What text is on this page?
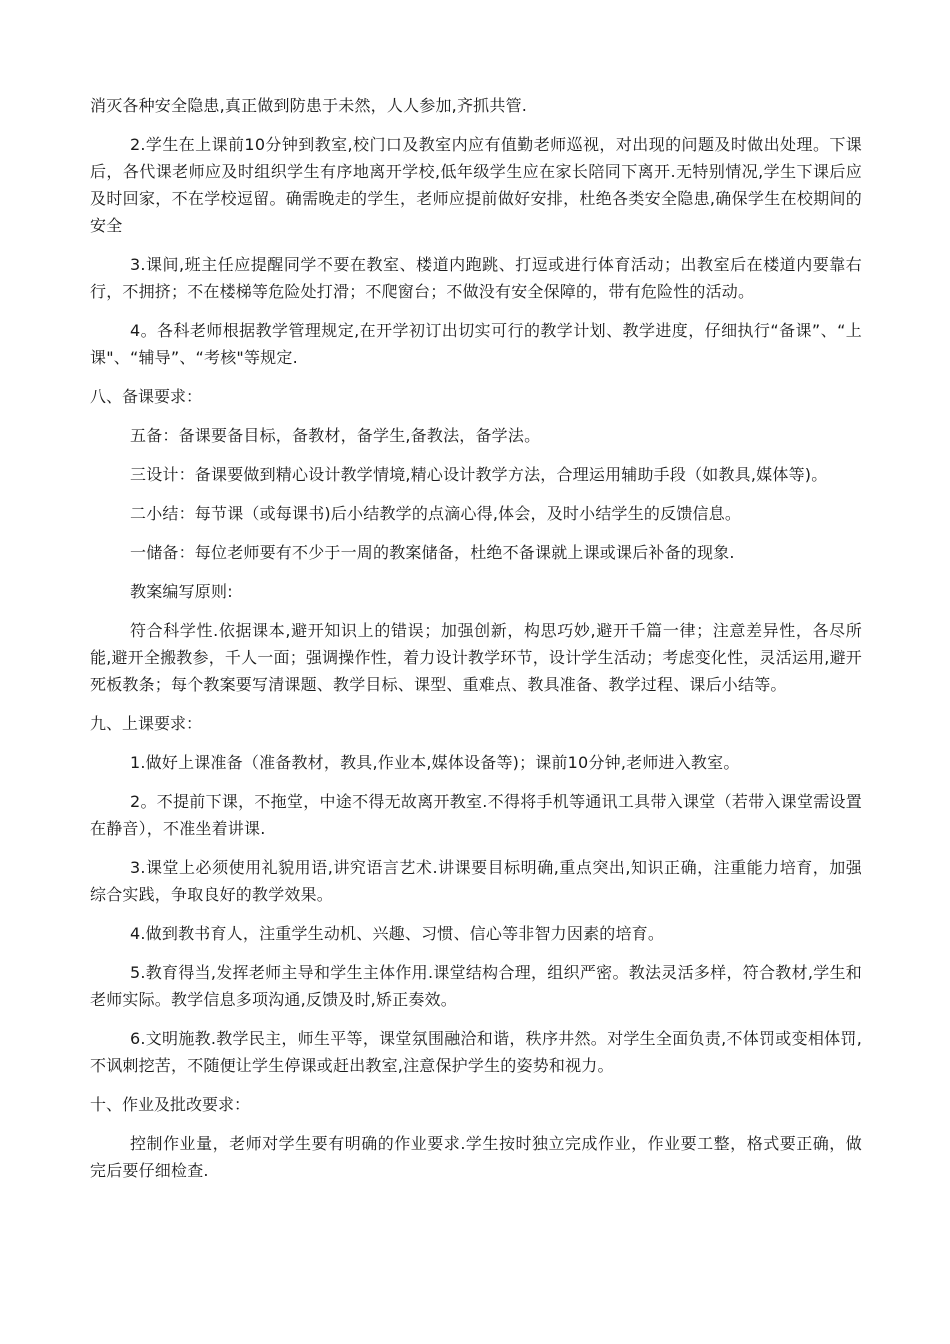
消灭各种安全隐患,真正做到防患于未然，人人参加,齐抓共管.

2.学生在上课前10分钟到教室,校门口及教室内应有值勤老师巡视，对出现的问题及时做出处理。下课后，各代课老师应及时组织学生有序地离开学校,低年级学生应在家长陪同下离开.无特别情况,学生下课后应及时回家，不在学校逗留。确需晚走的学生，老师应提前做好安排，杜绝各类安全隐患,确保学生在校期间的安全

3.课间,班主任应提醒同学不要在教室、楼道内跑跳、打逗或进行体育活动；出教室后在楼道内要靠右行，不拥挤；不在楼梯等危险处打滑；不爬窗台；不做没有安全保障的，带有危险性的活动。

4。各科老师根据教学管理规定,在开学初订出切实可行的教学计划、教学进度，仔细执行“备课”、“上课"、“辅导”、“考核"等规定.

八、备课要求：

五备：备课要备目标，备教材，备学生,备教法，备学法。

三设计：备课要做到精心设计教学情境,精心设计教学方法，合理运用辅助手段（如教具,媒体等)。

二小结：每节课（或每课书)后小结教学的点滴心得,体会，及时小结学生的反馈信息。

一储备：每位老师要有不少于一周的教案储备，杜绝不备课就上课或课后补备的现象.

教案编写原则:

符合科学性.依据课本,避开知识上的错误；加强创新，构思巧妙,避开千篇一律；注意差异性，各尽所能,避开全搬教参，千人一面；强调操作性，着力设计教学环节，设计学生活动；考虑变化性，灵活运用,避开死板教条；每个教案要写清课题、教学目标、课型、重难点、教具准备、教学过程、课后小结等。

九、上课要求：

1.做好上课准备（准备教材，教具,作业本,媒体设备等)；课前10分钟,老师进入教室。

2。不提前下课，不拖堂，中途不得无故离开教室.不得将手机等通讯工具带入课堂（若带入课堂需设置在静音），不准坐着讲课.

3.课堂上必须使用礼貌用语,讲究语言艺术.讲课要目标明确,重点突出,知识正确，注重能力培育，加强综合实践，争取良好的教学效果。

4.做到教书育人，注重学生动机、兴趣、习惯、信心等非智力因素的培育。

5.教育得当,发挥老师主导和学生主体作用.课堂结构合理，组织严密。教法灵活多样，符合教材,学生和老师实际。教学信息多项沟通,反馈及时,矫正奏效。

6.文明施教.教学民主，师生平等，课堂氛围融洽和谐，秩序井然。对学生全面负责,不体罚或变相体罚,不讽刺挖苦，不随便让学生停课或赶出教室,注意保护学生的姿势和视力。

十、作业及批改要求：

控制作业量，老师对学生要有明确的作业要求.学生按时独立完成作业，作业要工整，格式要正确，做完后要仔细检查.
